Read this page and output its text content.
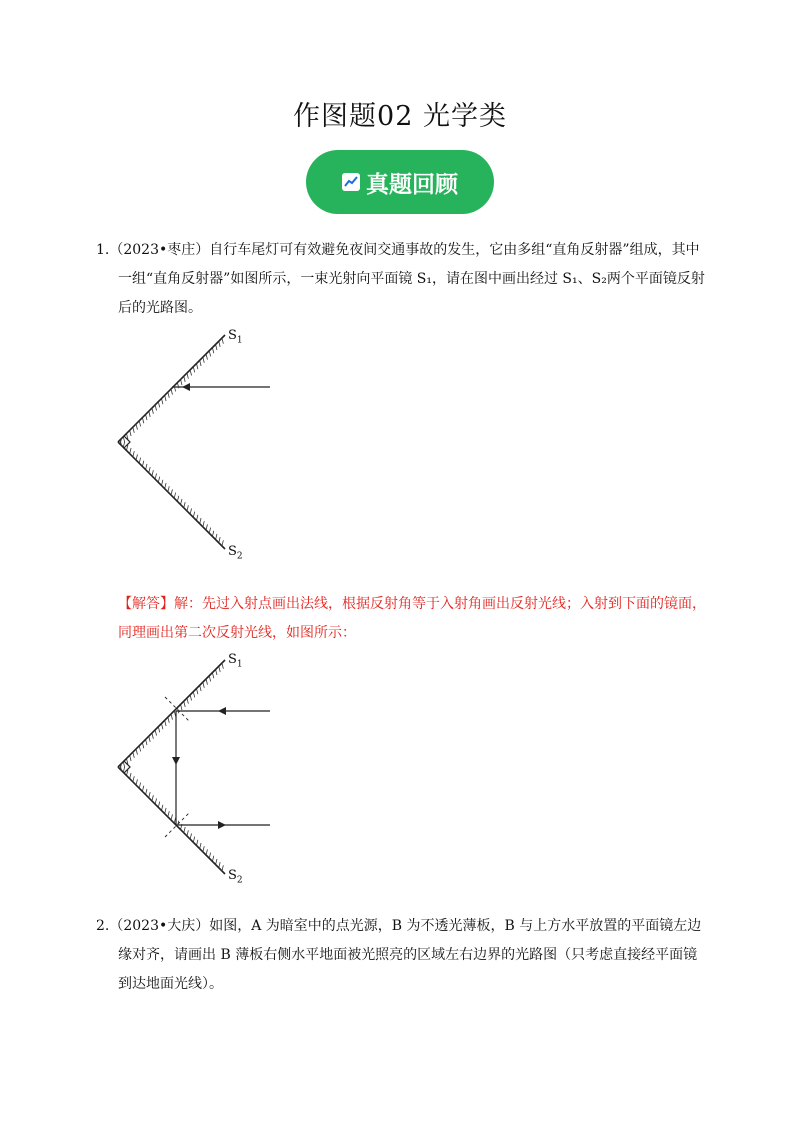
作图题02 光学类
真题回顾
1.（2023•枣庄）自行车尾灯可有效避免夜间交通事故的发生，它由多组“直角反射器”组成，其中一组“直角反射器”如图所示，一束光射向平面镜 S₁，请在图中画出经过 S₁、S₂两个平面镜反射后的光路图。
$S_1$
$S_2$
【解答】解：先过入射点画出法线，根据反射角等于入射角画出反射光线；入射到下面的镜面，同理画出第二次反射光线，如图所示：
$S_1$
$S_2$
2.（2023•大庆）如图，A 为暗室中的点光源，B 为不透光薄板，B 与上方水平放置的平面镜左边缘对齐，请画出 B 薄板右侧水平地面被光照亮的区域左右边界的光路图（只考虑直接经平面镜到达地面光线）。
